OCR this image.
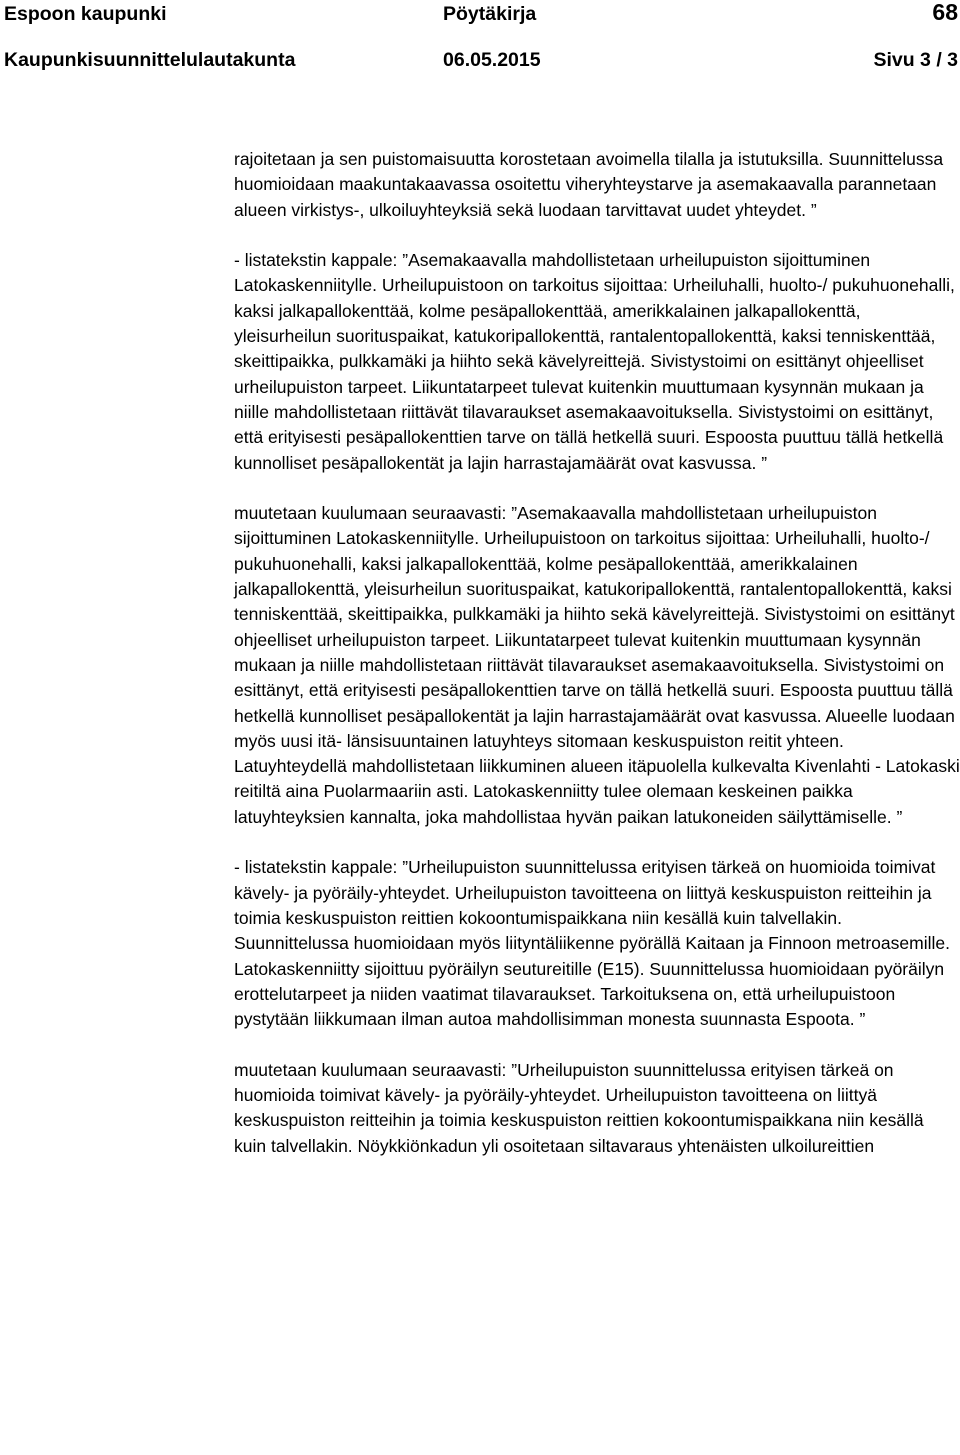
Espoon kaupunki	Pöytäkirja	68
Kaupunkisuunnittelulautakunta	06.05.2015	Sivu 3 / 3

rajoitetaan ja sen puistomaisuutta korostetaan avoimella tilalla ja istutuksilla. Suunnittelussa huomioidaan maakuntakaavassa osoitettu viheryhteystarve ja asemakaavalla parannetaan alueen virkistys-, ulkoiluyhteyksiä sekä luodaan tarvittavat uudet yhteydet. ”

- listatekstin kappale: ”Asemakaavalla mahdollistetaan urheilupuiston sijoittuminen Latokaskenniitylle. Urheilupuistoon on tarkoitus sijoittaa: Urheiluhalli, huolto-/ pukuhuonehalli, kaksi jalkapallokenttää, kolme pesäpallokenttää, amerikkalainen jalkapallokenttä, yleisurheilun suorituspaikat, katukoripallokenttä, rantalentopallokenttä, kaksi tenniskenttää, skeittipaikka, pulkkamäki ja hiihto sekä kävelyreittejä. Sivistystoimi on esittänyt ohjeelliset urheilupuiston tarpeet. Liikuntatarpeet tulevat kuitenkin muuttumaan kysynnän mukaan ja niille mahdollistetaan riittävät tilavaraukset asemakaavoituksella. Sivistystoimi on esittänyt, että erityisesti pesäpallokenttien tarve on tällä hetkellä suuri. Espoosta puuttuu tällä hetkellä kunnolliset pesäpallokentät ja lajin harrastajamäärät ovat kasvussa. ”

muutetaan kuulumaan seuraavasti: ”Asemakaavalla mahdollistetaan urheilupuiston sijoittuminen Latokaskenniitylle. Urheilupuistoon on tarkoitus sijoittaa: Urheiluhalli, huolto-/ pukuhuonehalli, kaksi jalkapallokenttää, kolme pesäpallokenttää, amerikkalainen jalkapallokenttä, yleisurheilun suorituspaikat, katukoripallokenttä, rantalentopallokenttä, kaksi tenniskenttää, skeittipaikka, pulkkamäki ja hiihto sekä kävelyreittejä. Sivistystoimi on esittänyt ohjeelliset urheilupuiston tarpeet. Liikuntatarpeet tulevat kuitenkin muuttumaan kysynnän mukaan ja niille mahdollistetaan riittävät tilavaraukset asemakaavoituksella. Sivistystoimi on esittänyt, että erityisesti pesäpallokenttien tarve on tällä hetkellä suuri. Espoosta puuttuu tällä hetkellä kunnolliset pesäpallokentät ja lajin harrastajamäärät ovat kasvussa. Alueelle luodaan myös uusi itä- länsisuuntainen latuyhteys sitomaan keskuspuiston reitit yhteen. Latuyhteydellä mahdollistetaan liikkuminen alueen itäpuolella kulkevalta Kivenlahti - Latokaski reitiltä aina Puolarmaariin asti. Latokaskenniitty tulee olemaan keskeinen paikka latuyhteyksien kannalta, joka mahdollistaa hyvän paikan latukoneiden säilyttämiselle. ”

- listatekstin kappale: ”Urheilupuiston suunnittelussa erityisen tärkeä on huomioida toimivat kävely- ja pyöräily-yhteydet. Urheilupuiston tavoitteena on liittyä keskuspuiston reitteihin ja toimia keskuspuiston reittien kokoontumispaikkana niin kesällä kuin talvellakin. Suunnittelussa huomioidaan myös liityntäliikenne pyörällä Kaitaan ja Finnoon metroasemille. Latokaskenniitty sijoittuu pyöräilyn seutureitille (E15). Suunnittelussa huomioidaan pyöräilyn erottelutarpeet ja niiden vaatimat tilavaraukset. Tarkoituksena on, että urheilupuistoon pystytään liikkumaan ilman autoa mahdollisimman monesta suunnasta Espoota. ”

muutetaan kuulumaan seuraavasti: ”Urheilupuiston suunnittelussa erityisen tärkeä on huomioida toimivat kävely- ja pyöräily-yhteydet. Urheilupuiston tavoitteena on liittyä keskuspuiston reitteihin ja toimia keskuspuiston reittien kokoontumispaikkana niin kesällä kuin talvellakin. Nöykkiönkadun yli osoitetaan siltavaraus yhtenäisten ulkoilureittien
